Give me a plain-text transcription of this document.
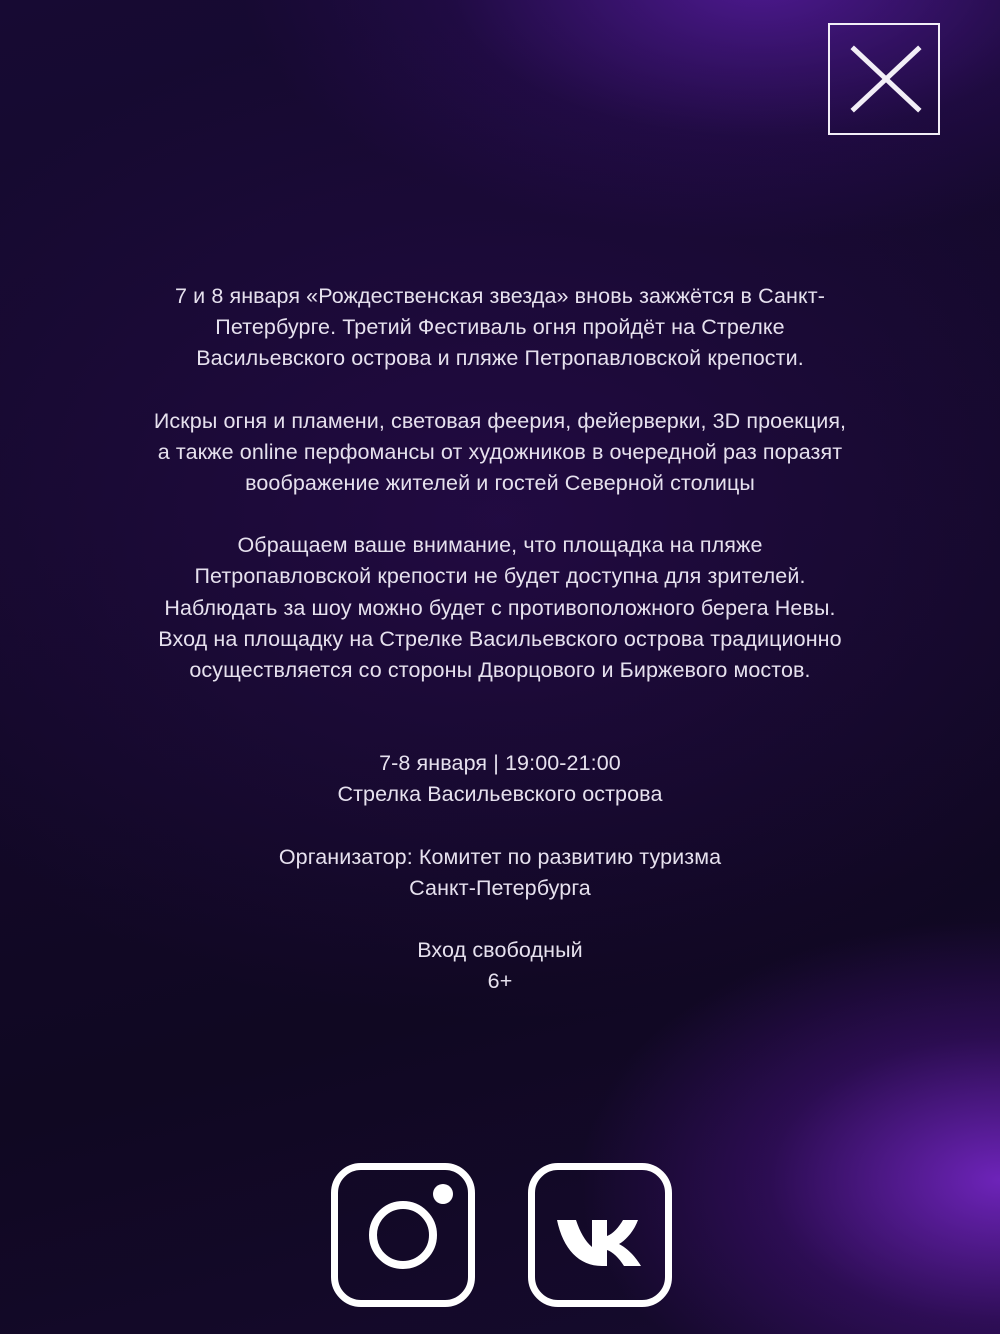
7 и 8 января «Рождественская звезда» вновь зажжётся в Санкт-Петербурге. Третий Фестиваль огня пройдёт на Стрелке Васильевского острова и пляже Петропавловской крепости.

Искры огня и пламени, световая феерия, фейерверки, 3D проекция, а также online перфомансы от художников в очередной раз поразят воображение жителей и гостей Северной столицы

Обращаем ваше внимание, что площадка на пляже Петропавловской крепости не будет доступна для зрителей. Наблюдать за шоу можно будет с противоположного берега Невы. Вход на площадку на Стрелке Васильевского острова традиционно осуществляется со стороны Дворцового и Биржевого мостов.

7-8 января | 19:00-21:00

Стрелка Васильевского острова

Организатор: Комитет по развитию туризма

Санкт-Петербурга

Вход свободный

6+
